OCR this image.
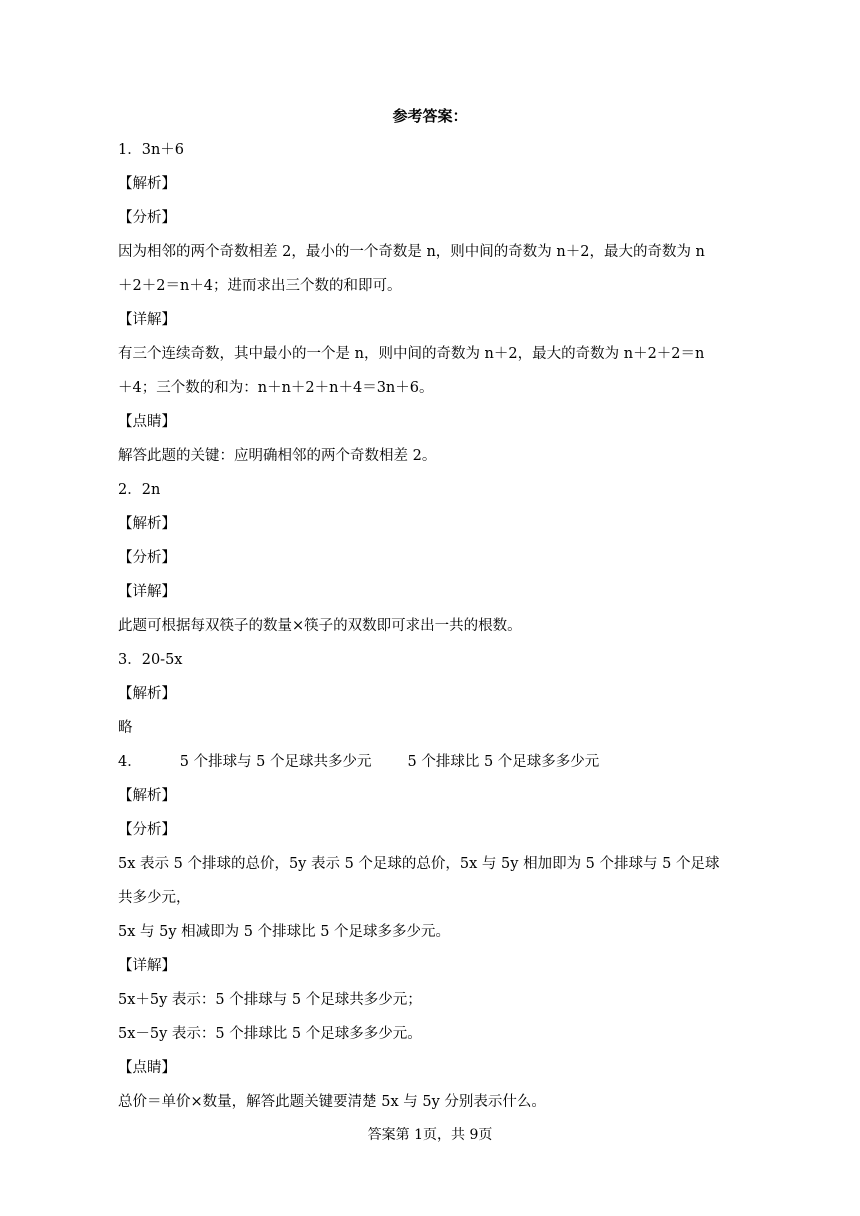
参考答案：
1．3n＋6
【解析】
【分析】
因为相邻的两个奇数相差 2，最小的一个奇数是 n，则中间的奇数为 n＋2，最大的奇数为 n
＋2＋2＝n＋4；进而求出三个数的和即可。
【详解】
有三个连续奇数，其中最小的一个是 n，则中间的奇数为 n＋2，最大的奇数为 n＋2＋2＝n
＋4；三个数的和为：n＋n＋2＋n＋4＝3n＋6。
【点睛】
解答此题的关键：应明确相邻的两个奇数相差 2。
2．2n
【解析】
【分析】
【详解】
此题可根据每双筷子的数量×筷子的双数即可求出一共的根数。
3．20-5x
【解析】
略
4．	5 个排球与 5 个足球共多少元 5 个排球比 5 个足球多多少元
【解析】
【分析】
5x 表示 5 个排球的总价，5y 表示 5 个足球的总价，5x 与 5y 相加即为 5 个排球与 5 个足球
共多少元，
5x 与 5y 相减即为 5 个排球比 5 个足球多多少元。
【详解】
5x＋5y 表示：5 个排球与 5 个足球共多少元；
5x－5y 表示：5 个排球比 5 个足球多多少元。
【点睛】
总价＝单价×数量，解答此题关键要清楚 5x 与 5y 分别表示什么。
答案第 1页，共 9页
